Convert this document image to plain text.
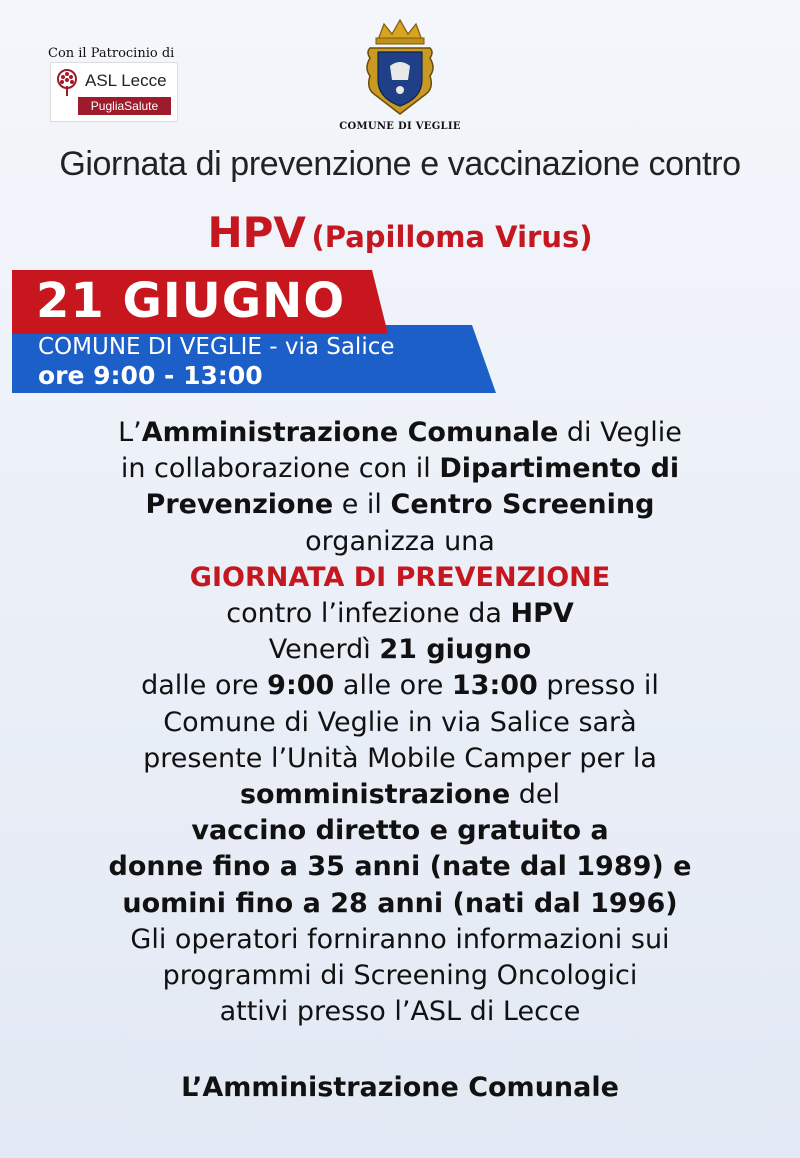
Con il Patrocinio di
ASL Lecce
PugliaSalute
COMUNE DI VEGLIE
Giornata di prevenzione e vaccinazione contro
HPV (Papilloma Virus)
21 GIUGNO
COMUNE DI VEGLIE - via Salice
ore 9:00 - 13:00
L’Amministrazione Comunale di Veglie
in collaborazione con il Dipartimento di
Prevenzione e il Centro Screening
organizza una
GIORNATA DI PREVENZIONE
contro l’infezione da HPV
Venerdì 21 giugno
dalle ore 9:00 alle ore 13:00 presso il
Comune di Veglie in via Salice sarà
presente l’Unità Mobile Camper per la
somministrazione del
vaccino diretto e gratuito a
donne fino a 35 anni (nate dal 1989) e
uomini fino a 28 anni (nati dal 1996)
Gli operatori forniranno informazioni sui
programmi di Screening Oncologici
attivi presso l’ASL di Lecce
L’Amministrazione Comunale
